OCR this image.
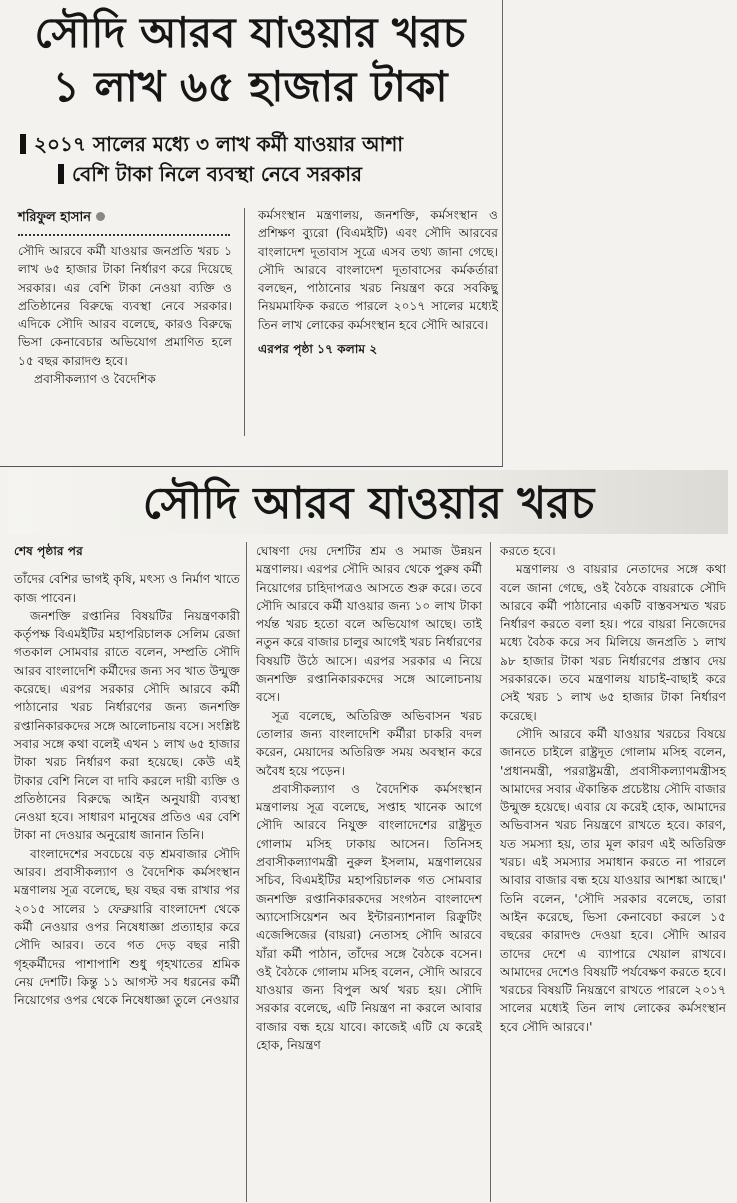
সৌদি আরব যাওয়ার খরচ
১ লাখ ৬৫ হাজার টাকা
২০১৭ সালের মধ্যে ৩ লাখ কর্মী যাওয়ার আশা
বেশি টাকা নিলে ব্যবস্থা নেবে সরকার
শরিফুল হাসান

সৌদি আরবে কর্মী যাওয়ার জনপ্রতি খরচ ১ লাখ ৬৫ হাজার টাকা নির্ধারণ করে দিয়েছে সরকার। এর বেশি টাকা নেওয়া ব্যক্তি ও প্রতিষ্ঠানের বিরুদ্ধে ব্যবস্থা নেবে সরকার। এদিকে সৌদি আরব বলেছে, কারও বিরুদ্ধে ভিসা কেনাবেচার অভিযোগ প্রমাণিত হলে ১৫ বছর কারাদণ্ড হবে।

প্রবাসীকল্যাণ ও বৈদেশিক

কর্মসংস্থান মন্ত্রণালয়, জনশক্তি, কর্মসংস্থান ও প্রশিক্ষণ ব্যুরো (বিএমইটি) এবং সৌদি আরবের বাংলাদেশ দূতাবাস সূত্রে এসব তথ্য জানা গেছে। সৌদি আরবে বাংলাদেশ দূতাবাসের কর্মকর্তারা বলছেন, পাঠানোর খরচ নিয়ন্ত্রণ করে সবকিছু নিয়মমাফিক করতে পারলে ২০১৭ সালের মধ্যেই তিন লাখ লোকের কর্মসংস্থান হবে সৌদি আরবে।

এরপর পৃষ্ঠা ১৭ কলাম ২

সৌদি আরব যাওয়ার খরচ

শেষ পৃষ্ঠার পর

তাঁদের বেশির ভাগই কৃষি, মৎস্য ও নির্মাণ খাতে কাজ পাবেন।

জনশক্তি রপ্তানির বিষয়টির নিয়ন্ত্রণকারী কর্তৃপক্ষ বিএমইটির মহাপরিচালক সেলিম রেজা গতকাল সোমবার রাতে বলেন, সম্প্রতি সৌদি আরব বাংলাদেশি কর্মীদের জন্য সব খাত উন্মুক্ত করেছে। এরপর সরকার সৌদি আরবে কর্মী পাঠানোর খরচ নির্ধারণের জন্য জনশক্তি রপ্তানিকারকদের সঙ্গে আলোচনায় বসে। সংশ্লিষ্ট সবার সঙ্গে কথা বলেই এখন ১ লাখ ৬৫ হাজার টাকা খরচ নির্ধারণ করা হয়েছে। কেউ এই টাকার বেশি নিলে বা দাবি করলে দায়ী ব্যক্তি ও প্রতিষ্ঠানের বিরুদ্ধে আইন অনুযায়ী ব্যবস্থা নেওয়া হবে। সাধারণ মানুষের প্রতিও এর বেশি টাকা না দেওয়ার অনুরোধ জানান তিনি।

বাংলাদেশের সবচেয়ে বড় শ্রমবাজার সৌদি আরব। প্রবাসীকল্যাণ ও বৈদেশিক কর্মসংস্থান মন্ত্রণালয় সূত্র বলেছে, ছয় বছর বন্ধ রাখার পর ২০১৫ সালের ১ ফেব্রুয়ারি বাংলাদেশ থেকে কর্মী নেওয়ার ওপর নিষেধাজ্ঞা প্রত্যাহার করে সৌদি আরব। তবে গত দেড় বছর নারী গৃহকর্মীদের পাশাপাশি শুধু গৃহখাতের শ্রমিক নেয় দেশটি। কিন্তু ১১ আগস্ট সব ধরনের কর্মী নিয়োগের ওপর থেকে নিষেধাজ্ঞা তুলে নেওয়ার

ঘোষণা দেয় দেশটির শ্রম ও সমাজ উন্নয়ন মন্ত্রণালয়। এরপর সৌদি আরব থেকে পুরুষ কর্মী নিয়োগের চাহিদাপত্রও আসতে শুরু করে। তবে সৌদি আরবে কর্মী যাওয়ার জন্য ১০ লাখ টাকা পর্যন্ত খরচ হতো বলে অভিযোগ আছে। তাই নতুন করে বাজার চালুর আগেই খরচ নির্ধারণের বিষয়টি উঠে আসে। এরপর সরকার এ নিয়ে জনশক্তি রপ্তানিকারকদের সঙ্গে আলোচনায় বসে।

সূত্র বলেছে, অতিরিক্ত অভিবাসন খরচ তোলার জন্য বাংলাদেশি কর্মীরা চাকরি বদল করেন, মেয়াদের অতিরিক্ত সময় অবস্থান করে অবৈধ হয়ে পড়েন।

প্রবাসীকল্যাণ ও বৈদেশিক কর্মসংস্থান মন্ত্রণালয় সূত্র বলেছে, সপ্তাহ খানেক আগে সৌদি আরবে নিযুক্ত বাংলাদেশের রাষ্ট্রদূত গোলাম মসিহ ঢাকায় আসেন। তিনিসহ প্রবাসীকল্যাণমন্ত্রী নুরুল ইসলাম, মন্ত্রণালয়ের সচিব, বিএমইটির মহাপরিচালক গত সোমবার জনশক্তি রপ্তানিকারকদের সংগঠন বাংলাদেশ অ্যাসোসিয়েশন অব ইন্টারন্যাশনাল রিক্রুটিং এজেন্সিজের (বায়রা) নেতাসহ সৌদি আরবে যাঁরা কর্মী পাঠান, তাঁদের সঙ্গে বৈঠকে বসেন। ওই বৈঠকে গোলাম মসিহ বলেন, সৌদি আরবে যাওয়ার জন্য বিপুল অর্থ খরচ হয়। সৌদি সরকার বলেছে, এটি নিয়ন্ত্রণ না করলে আবার বাজার বন্ধ হয়ে যাবে। কাজেই এটি যে করেই হোক, নিয়ন্ত্রণ

করতে হবে।

মন্ত্রণালয় ও বায়রার নেতাদের সঙ্গে কথা বলে জানা গেছে, ওই বৈঠকে বায়রাকে সৌদি আরবে কর্মী পাঠানোর একটি বাস্তবসম্মত খরচ নির্ধারণ করতে বলা হয়। পরে বায়রা নিজেদের মধ্যে বৈঠক করে সব মিলিয়ে জনপ্রতি ১ লাখ ৯৮ হাজার টাকা খরচ নির্ধারণের প্রস্তাব দেয় সরকারকে। তবে মন্ত্রণালয় যাচাই-বাছাই করে সেই খরচ ১ লাখ ৬৫ হাজার টাকা নির্ধারণ করেছে।

সৌদি আরবে কর্মী যাওয়ার খরচের বিষয়ে জানতে চাইলে রাষ্ট্রদূত গোলাম মসিহ বলেন, 'প্রধানমন্ত্রী, পররাষ্ট্রমন্ত্রী, প্রবাসীকল্যাণমন্ত্রীসহ আমাদের সবার ঐকান্তিক প্রচেষ্টায় সৌদি বাজার উন্মুক্ত হয়েছে। এবার যে করেই হোক, আমাদের অভিবাসন খরচ নিয়ন্ত্রণে রাখতে হবে। কারণ, যত সমস্যা হয়, তার মূল কারণ এই অতিরিক্ত খরচ। এই সমস্যার সমাধান করতে না পারলে আবার বাজার বন্ধ হয়ে যাওয়ার আশঙ্কা আছে।' তিনি বলেন, 'সৌদি সরকার বলেছে, তারা আইন করেছে, ভিসা কেনাবেচা করলে ১৫ বছরের কারাদণ্ড দেওয়া হবে। সৌদি আরব তাদের দেশে এ ব্যাপারে খেয়াল রাখবে। আমাদের দেশেও বিষয়টি পর্যবেক্ষণ করতে হবে। খরচের বিষয়টি নিয়ন্ত্রণে রাখতে পারলে ২০১৭ সালের মধ্যেই তিন লাখ লোকের কর্মসংস্থান হবে সৌদি আরবে।'
